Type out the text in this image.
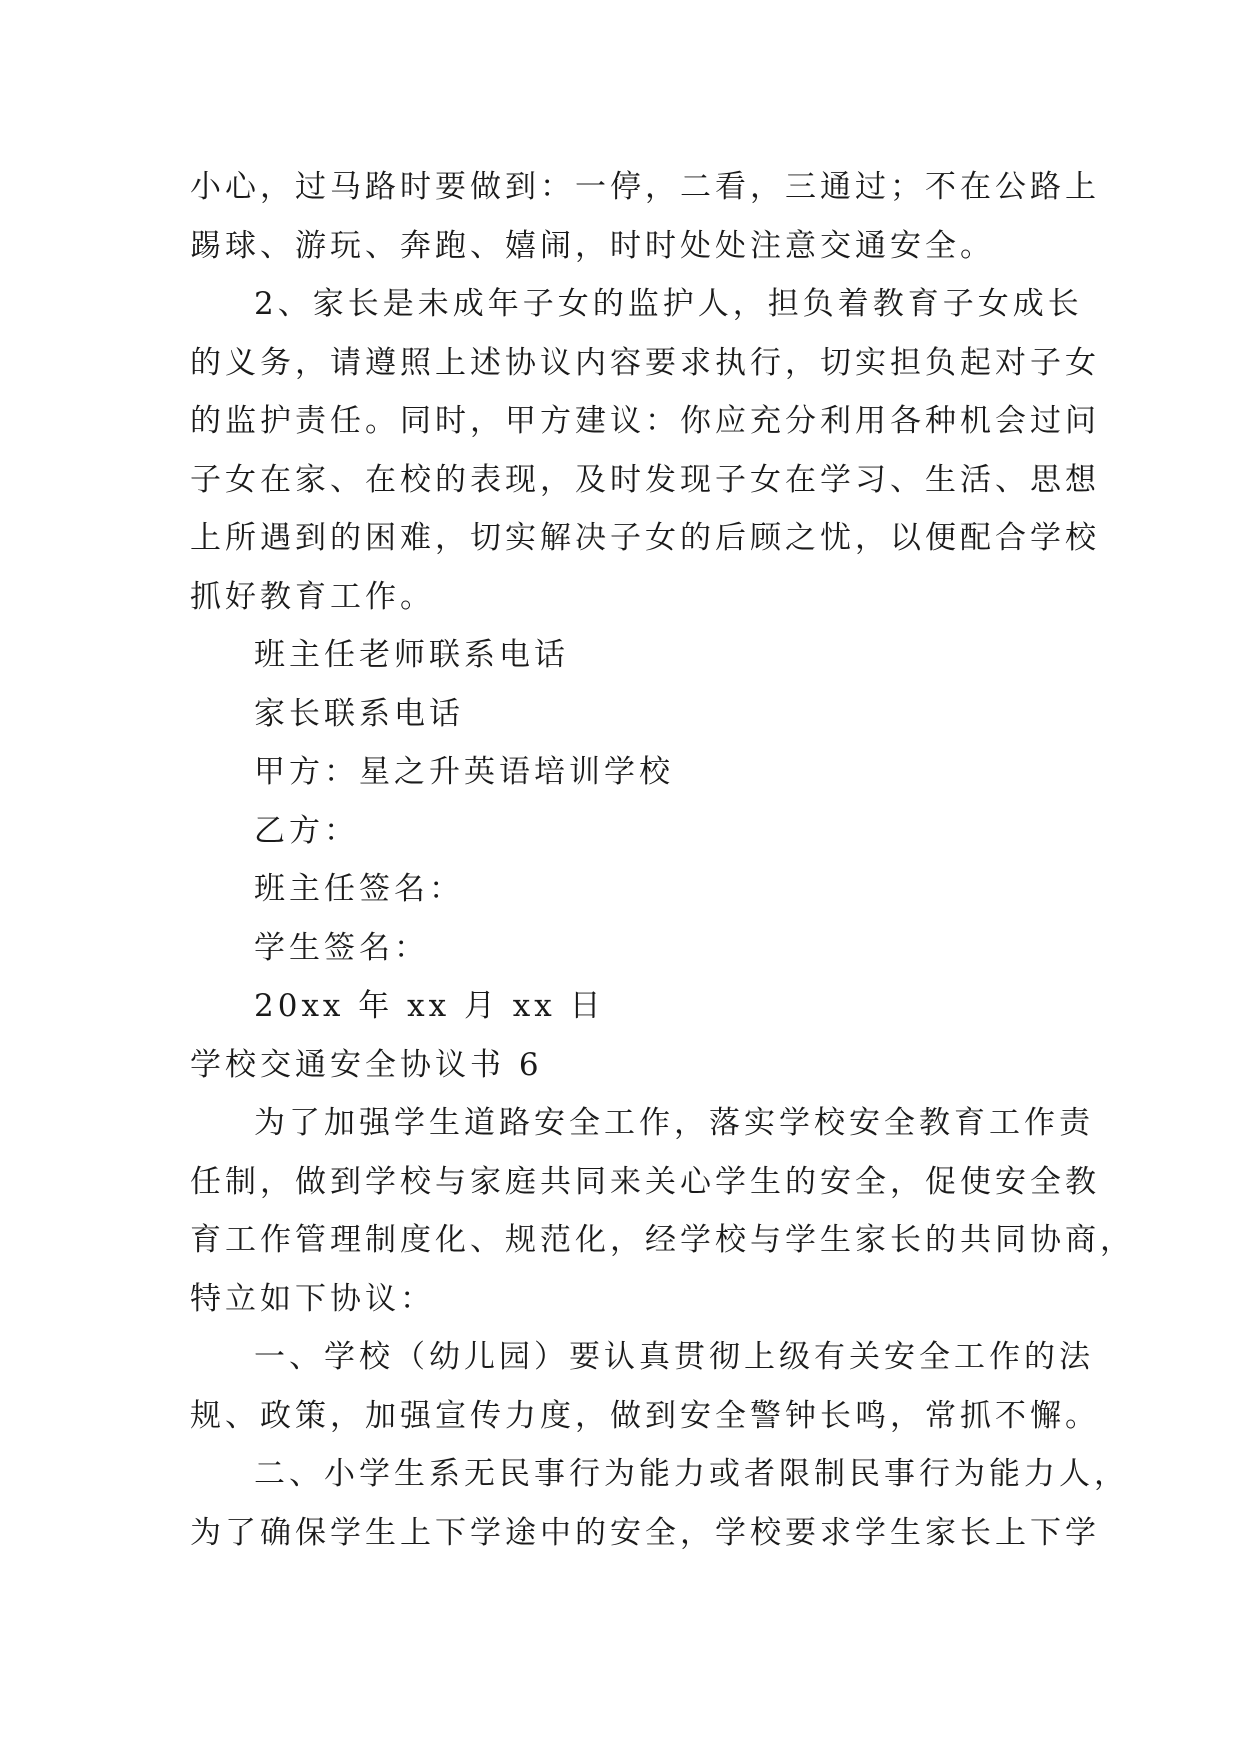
小心，过马路时要做到：一停，二看，三通过；不在公路上
踢球、游玩、奔跑、嬉闹，时时处处注意交通安全。
2、家长是未成年子女的监护人，担负着教育子女成长
的义务，请遵照上述协议内容要求执行，切实担负起对子女
的监护责任。同时，甲方建议：你应充分利用各种机会过问
子女在家、在校的表现，及时发现子女在学习、生活、思想
上所遇到的困难，切实解决子女的后顾之忧，以便配合学校
抓好教育工作。
班主任老师联系电话
家长联系电话
甲方：星之升英语培训学校
乙方：
班主任签名：
学生签名：
20xx 年 xx 月 xx 日
学校交通安全协议书 6
为了加强学生道路安全工作，落实学校安全教育工作责
任制，做到学校与家庭共同来关心学生的安全，促使安全教
育工作管理制度化、规范化，经学校与学生家长的共同协商，
特立如下协议：
一、学校（幼儿园）要认真贯彻上级有关安全工作的法
规、政策，加强宣传力度，做到安全警钟长鸣，常抓不懈。
二、小学生系无民事行为能力或者限制民事行为能力人，
为了确保学生上下学途中的安全，学校要求学生家长上下学
